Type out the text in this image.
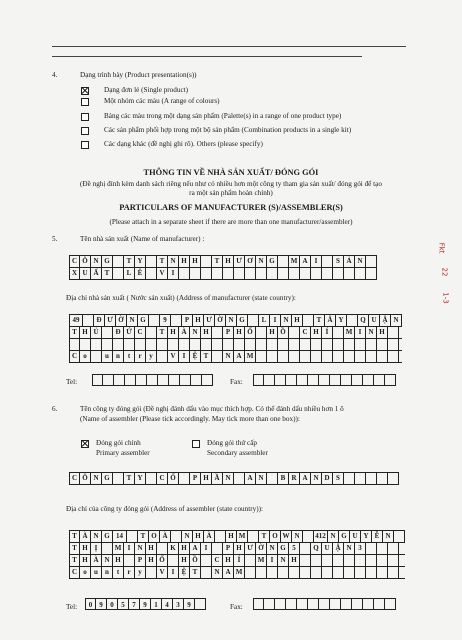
4.	Dạng trình bày (Product presentation(s))
Dạng đơn lẻ (Single product)
Một nhóm các màu (A range of colours)
Bảng các màu trong một dạng sản phẩm (Palette(s) in a range of one product type)
Các sản phẩm phối hợp trong một bộ sản phẩm (Combination products in a single kit)
Các dạng khác (đề nghị ghi rõ). Others (please specify)
THÔNG TIN VỀ NHÀ SẢN XUẤT/ ĐÓNG GÓI
(Đề nghị đính kèm danh sách riêng nếu như có nhiều hơn một công ty tham gia sản xuất/ đóng gói để tạo
ra một sản phẩm hoàn chỉnh)
PARTICULARS OF MANUFACTURER (S)/ASSEMBLER(S)
(Please attach in a separate sheet if there are more than one manufacturer/assembler)
5.	Tên nhà sản xuất (Name of manufacturer) :
C Ô N G	T Y	T N H H	T H Ư Ơ N G	M A	I	S Ả N
X U Ấ T	L Ê	V	I
Địa chỉ nhà sản xuất ( Nước sản xuất) (Address of manufacturer (state country):
49	Đ Ư Ờ N G	9	P H Ư Ờ N G	L	I	N H	T Â Y	Q U Ậ N
T H Ủ	Đ Ứ C	T H À N H	P H Ố	H Ồ	C H Í	M I	N H
C o	u	n	t	r	y	V	I	Ệ T	N A M
Tel:	Fax:
6.	Tên công ty đóng gói (Đề nghị đánh dấu vào mục thích hợp. Có thể đánh dấu nhiều hơn 1 ô
(Name of assembler (Please tick accordingly. May tick more than one box)):
Đóng gói chính
Primary assembler
Đóng gói thứ cấp
Secondary assembler
C Ô N G	T Y	C Ổ	P H Ầ N	A N	B R A N D S
Địa chỉ của công ty đóng gói (Address of assembler (state country)):
T À N G 14	T O À	N H À	H M	T O W N	412 N G U Y Ễ N
T H Ị	M I	N H	K H A	I	P H Ư Ờ N G 5	Q U Ậ N 3
T H À N H	P H Ố	H Ồ	C H Í	M I	N H
C o	u	n	t	r	y	V	I	Ệ T	N A M
Tel:	0	9	0	5	7	9	1	4	3	9	Fax:
Fkt
22
1-3
